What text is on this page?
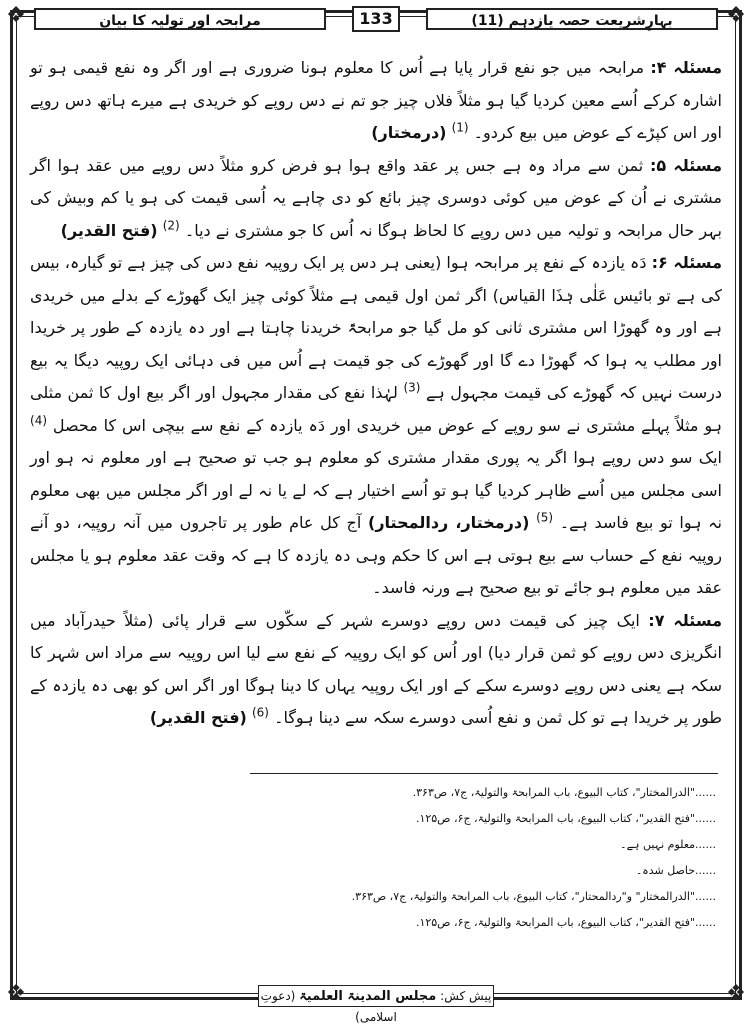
❖	❖
❖	❖
بہارِشریعت حصہ یازدہم (11)
133
مرابحہ اور تولیہ کا بیان

مسئلہ ۴: مرابحہ میں جو نفع قرار پایا ہے اُس کا معلوم ہونا ضروری ہے اور اگر وہ نفع قیمی ہو تو اشارہ کرکے اُسے معین کردیا گیا ہو مثلاً فلاں چیز جو تم نے دس روپے کو خریدی ہے میرے ہاتھ دس روپے اور اس کپڑے کے عوض میں بیع کردو۔ $^{(1)}$ (درمختار)

مسئلہ ۵: ثمن سے مراد وہ ہے جس پر عقد واقع ہوا ہو فرض کرو مثلاً دس روپے میں عقد ہوا اگر مشتری نے اُن کے عوض میں کوئی دوسری چیز بائع کو دی چاہے یہ اُسی قیمت کی ہو یا کم وبیش کی بہر حال مرابحہ و تولیہ میں دس روپے کا لحاظ ہوگا نہ اُس کا جو مشتری نے دیا۔ $^{(2)}$ (فتح القدیر)

مسئلہ ۶: دَہ یازدہ کے نفع پر مرابحہ ہوا (یعنی ہر دس پر ایک روپیہ نفع دس کی چیز ہے تو گیارہ، بیس کی ہے تو بائیس عَلٰی ہٰذَا القیاس) اگر ثمن اول قیمی ہے مثلاً کوئی چیز ایک گھوڑے کے بدلے میں خریدی ہے اور وہ گھوڑا اس مشتری ثانی کو مل گیا جو مرابحۃً خریدنا چاہتا ہے اور دہ یازدہ کے طور پر خریدا اور مطلب یہ ہوا کہ گھوڑا دے گا اور گھوڑے کی جو قیمت ہے اُس میں فی دہائی ایک روپیہ دیگا یہ بیع درست نہیں کہ گھوڑے کی قیمت مجہول ہے $^{(3)}$ لہٰذا نفع کی مقدار مجہول اور اگر بیع اول کا ثمن مثلی ہو مثلاً پہلے مشتری نے سو روپے کے عوض میں خریدی اور دَہ یازدہ کے نفع سے بیچی اس کا محصل $^{(4)}$ ایک سو دس روپے ہوا اگر یہ پوری مقدار مشتری کو معلوم ہو جب تو صحیح ہے اور معلوم نہ ہو اور اسی مجلس میں اُسے ظاہر کردیا گیا ہو تو اُسے اختیار ہے کہ لے یا نہ لے اور اگر مجلس میں بھی معلوم نہ ہوا تو بیع فاسد ہے۔ $^{(5)}$ (درمختار، ردالمحتار) آج کل عام طور پر تاجروں میں آنہ روپیہ، دو آنے روپیہ نفع کے حساب سے بیع ہوتی ہے اس کا حکم وہی دہ یازدہ کا ہے کہ وقت عقد معلوم ہو یا مجلس عقد میں معلوم ہو جائے تو بیع صحیح ہے ورنہ فاسد۔

مسئلہ ۷: ایک چیز کی قیمت دس روپے دوسرے شہر کے سکّوں سے قرار پائی (مثلاً حیدرآباد میں انگریزی دس روپے کو ثمن قرار دیا) اور اُس کو ایک روپیہ کے نفع سے لیا اس روپیہ سے مراد اس شہر کا سکہ ہے یعنی دس روپے دوسرے سکے کے اور ایک روپیہ یہاں کا دینا ہوگا اور اگر اس کو بھی دہ یازدہ کے طور پر خریدا ہے تو کل ثمن و نفع اُسی دوسرے سکہ سے دینا ہوگا۔ $^{(6)}$ (فتح القدیر)

......"الدرالمختار"، کتاب البیوع، باب المرابحۃ والتولیۃ، ج۷، ص۳۶۳.
......"فتح القدیر"، کتاب البیوع، باب المرابحۃ والتولیۃ، ج۶، ص۱۲۵.
......معلوم نہیں ہے۔
......حاصل شدہ۔
......"الدرالمختار" و"ردالمحتار"، کتاب البیوع، باب المرابحۃ والتولیۃ، ج۷، ص۳۶۳.
......"فتح القدیر"، کتاب البیوع، باب المرابحۃ والتولیۃ، ج۶، ص۱۲۵.
پیش کش: مجلس المدینۃ العلمیۃ (دعوتِ اسلامی)
